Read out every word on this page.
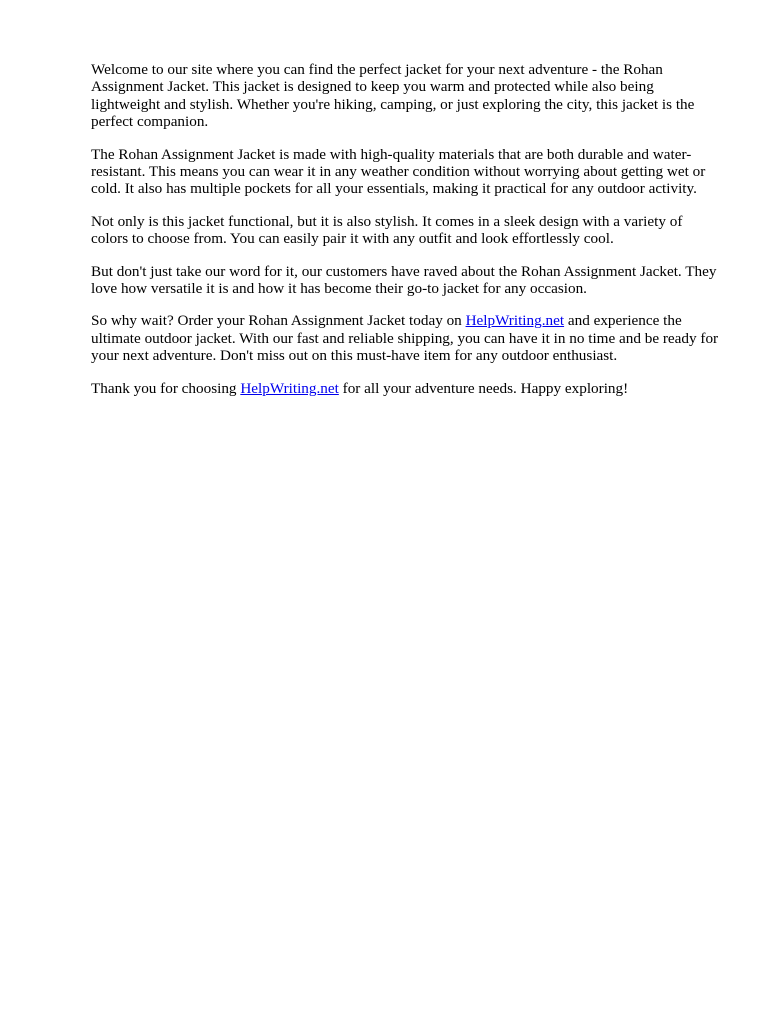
Welcome to our site where you can find the perfect jacket for your next adventure - the Rohan Assignment Jacket. This jacket is designed to keep you warm and protected while also being lightweight and stylish. Whether you're hiking, camping, or just exploring the city, this jacket is the perfect companion.

The Rohan Assignment Jacket is made with high-quality materials that are both durable and water-resistant. This means you can wear it in any weather condition without worrying about getting wet or cold. It also has multiple pockets for all your essentials, making it practical for any outdoor activity.

Not only is this jacket functional, but it is also stylish. It comes in a sleek design with a variety of colors to choose from. You can easily pair it with any outfit and look effortlessly cool.

But don't just take our word for it, our customers have raved about the Rohan Assignment Jacket. They love how versatile it is and how it has become their go-to jacket for any occasion.

So why wait? Order your Rohan Assignment Jacket today on HelpWriting.net and experience the ultimate outdoor jacket. With our fast and reliable shipping, you can have it in no time and be ready for your next adventure. Don't miss out on this must-have item for any outdoor enthusiast.

Thank you for choosing HelpWriting.net for all your adventure needs. Happy exploring!
